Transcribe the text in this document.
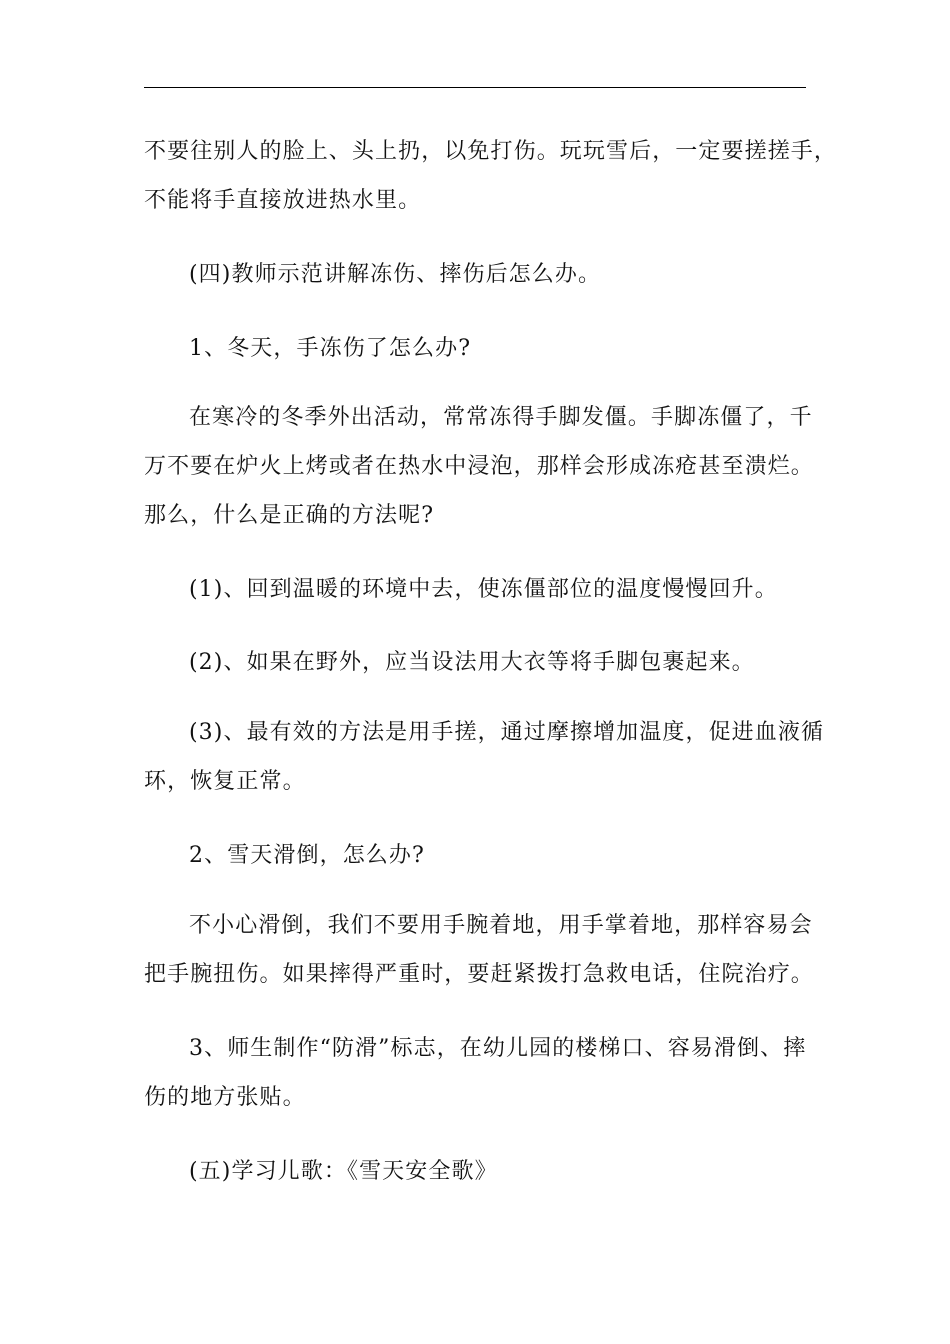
不要往别人的脸上、头上扔，以免打伤。玩玩雪后，一定要搓搓手，
不能将手直接放进热水里。
(四)教师示范讲解冻伤、摔伤后怎么办。
1、冬天，手冻伤了怎么办?
在寒冷的冬季外出活动，常常冻得手脚发僵。手脚冻僵了，千
万不要在炉火上烤或者在热水中浸泡，那样会形成冻疮甚至溃烂。
那么，什么是正确的方法呢?
(1)、回到温暖的环境中去，使冻僵部位的温度慢慢回升。
(2)、如果在野外，应当设法用大衣等将手脚包裹起来。
(3)、最有效的方法是用手搓，通过摩擦增加温度，促进血液循
环，恢复正常。
2、雪天滑倒，怎么办?
不小心滑倒，我们不要用手腕着地，用手掌着地，那样容易会
把手腕扭伤。如果摔得严重时，要赶紧拨打急救电话，住院治疗。
3、师生制作“防滑”标志，在幼儿园的楼梯口、容易滑倒、摔
伤的地方张贴。
(五)学习儿歌：《雪天安全歌》
